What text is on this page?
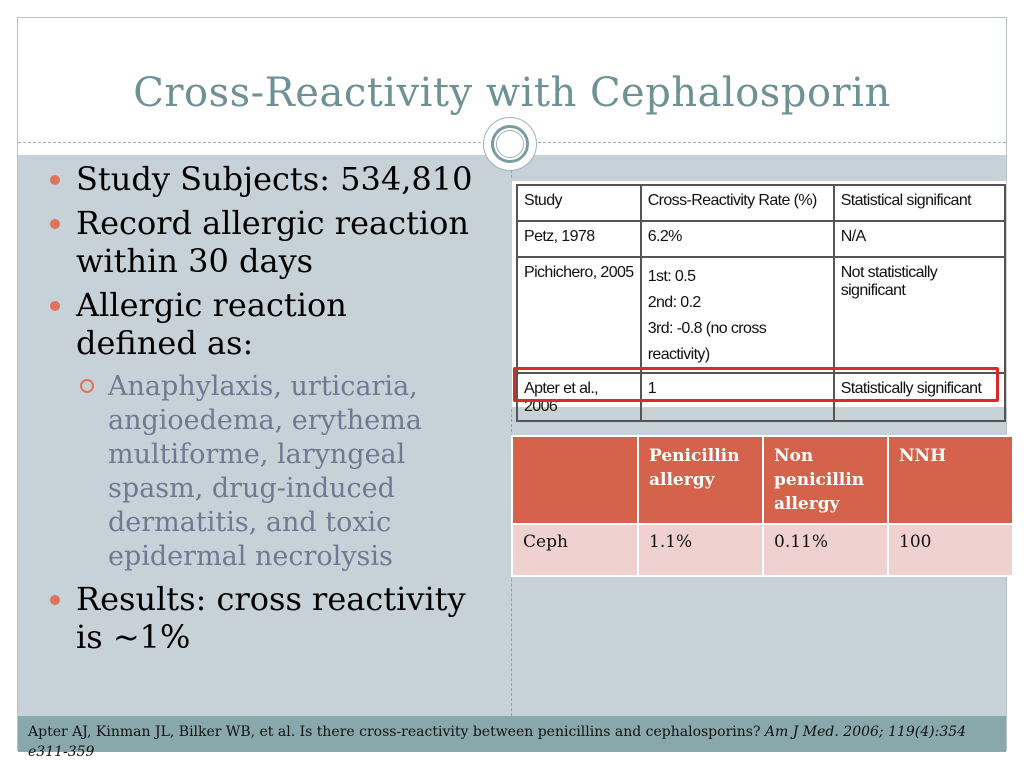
Cross-Reactivity with Cephalosporin
Study Subjects: 534,810
Record allergic reaction within 30 days
Allergic reaction defined as:
Anaphylaxis, urticaria, angioedema, erythema multiforme, laryngeal spasm, drug-induced dermatitis, and toxic epidermal necrolysis
Results: cross reactivity is ~1%
Study	Cross-Reactivity Rate (%)	Statistical significant
Petz, 1978	6.2%	N/A
Pichichero, 2005	1st: 0.5
2nd: 0.2
3rd: -0.8 (no cross reactivity)	Not statistically significant
Apter et al., 2006	1	Statistically significant
	Penicillin allergy	Non penicillin allergy	NNH
Ceph	1.1%	0.11%	100
Apter AJ, Kinman JL, Bilker WB, et al. Is there cross-reactivity between penicillins and cephalosporins? Am J Med. 2006; 119(4):354 e311-359
